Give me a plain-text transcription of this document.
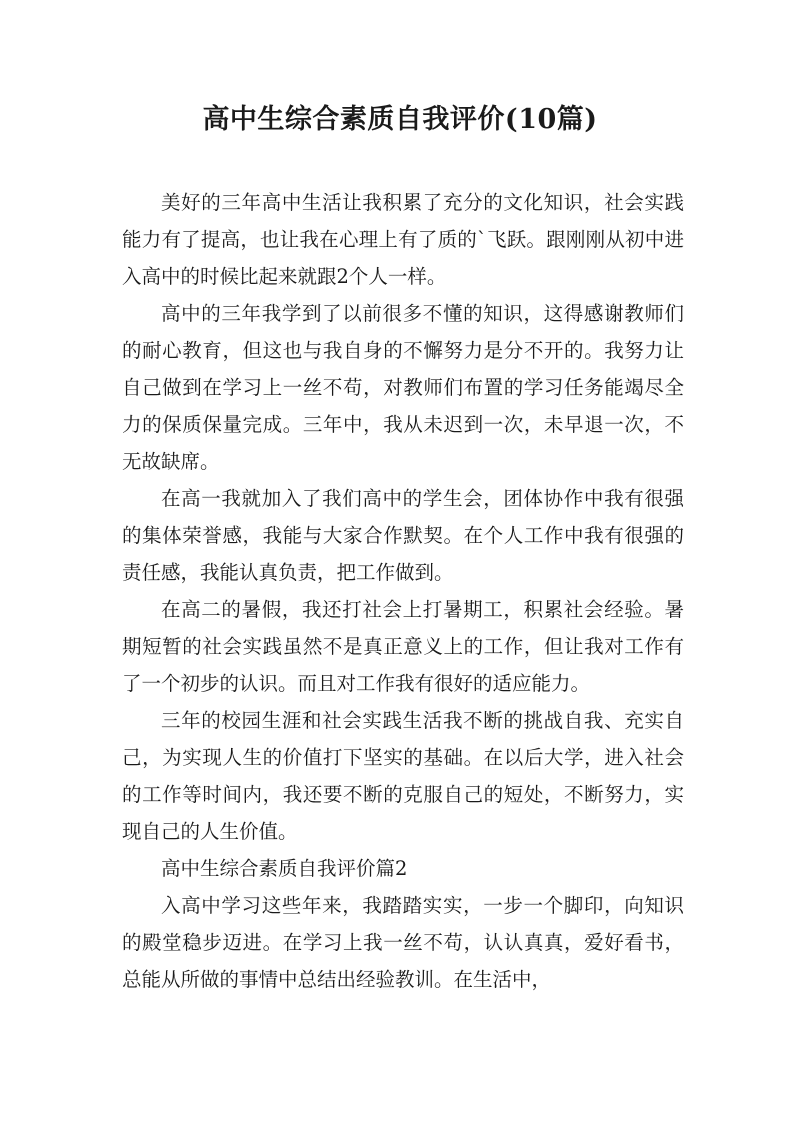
高中生综合素质自我评价(10篇)

美好的三年高中生活让我积累了充分的文化知识，社会实践能力有了提高，也让我在心理上有了质的`飞跃。跟刚刚从初中进入高中的时候比起来就跟2个人一样。

高中的三年我学到了以前很多不懂的知识，这得感谢教师们的耐心教育，但这也与我自身的不懈努力是分不开的。我努力让自己做到在学习上一丝不苟，对教师们布置的学习任务能竭尽全力的保质保量完成。三年中，我从未迟到一次，未早退一次，不无故缺席。

在高一我就加入了我们高中的学生会，团体协作中我有很强的集体荣誉感，我能与大家合作默契。在个人工作中我有很强的责任感，我能认真负责，把工作做到。

在高二的暑假，我还打社会上打暑期工，积累社会经验。暑期短暂的社会实践虽然不是真正意义上的工作，但让我对工作有了一个初步的认识。而且对工作我有很好的适应能力。

三年的校园生涯和社会实践生活我不断的挑战自我、充实自己，为实现人生的价值打下坚实的基础。在以后大学，进入社会的工作等时间内，我还要不断的克服自己的短处，不断努力，实现自己的人生价值。

高中生综合素质自我评价篇2

入高中学习这些年来，我踏踏实实，一步一个脚印，向知识的殿堂稳步迈进。在学习上我一丝不苟，认认真真，爱好看书，总能从所做的事情中总结出经验教训。在生活中，
